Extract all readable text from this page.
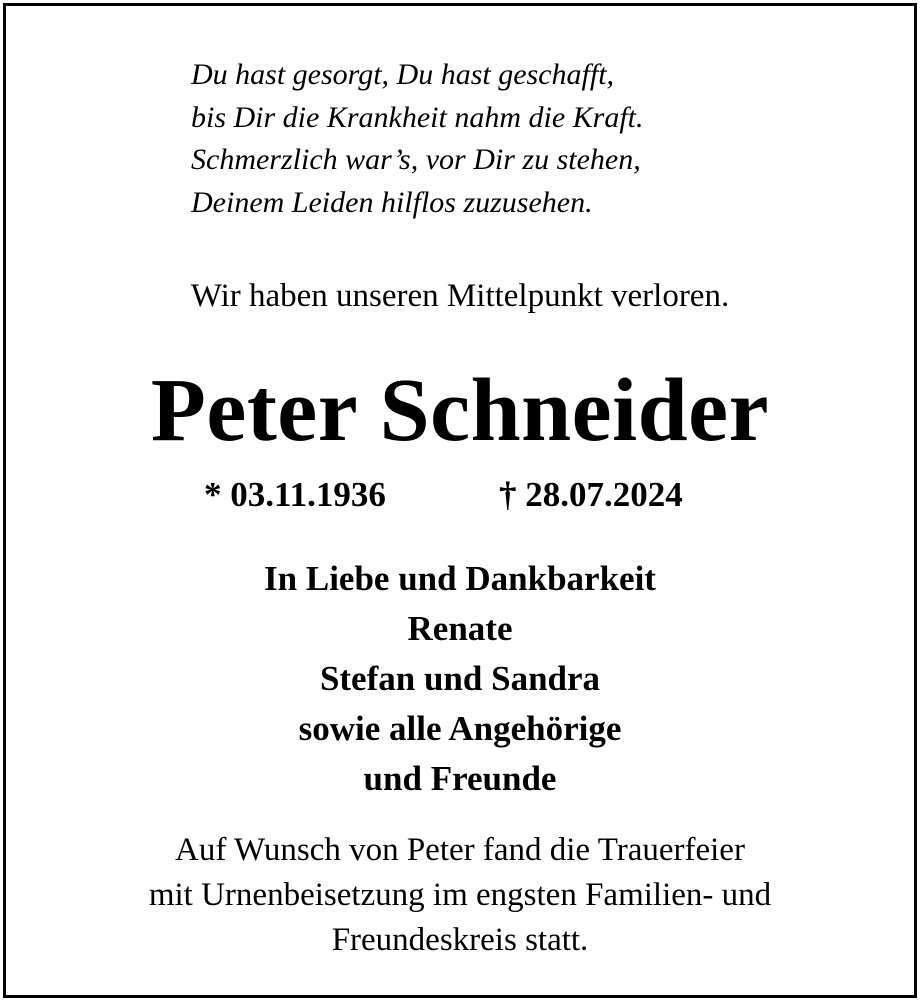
Du hast gesorgt, Du hast geschafft,
bis Dir die Krankheit nahm die Kraft.
Schmerzlich war’s, vor Dir zu stehen,
Deinem Leiden hilflos zuzusehen.
Wir haben unseren Mittelpunkt verloren.
Peter Schneider
* 03.11.1936	† 28.07.2024
In Liebe und Dankbarkeit
Renate
Stefan und Sandra
sowie alle Angehörige
und Freunde
Auf Wunsch von Peter fand die Trauerfeier
mit Urnenbeisetzung im engsten Familien- und
Freundeskreis statt.
